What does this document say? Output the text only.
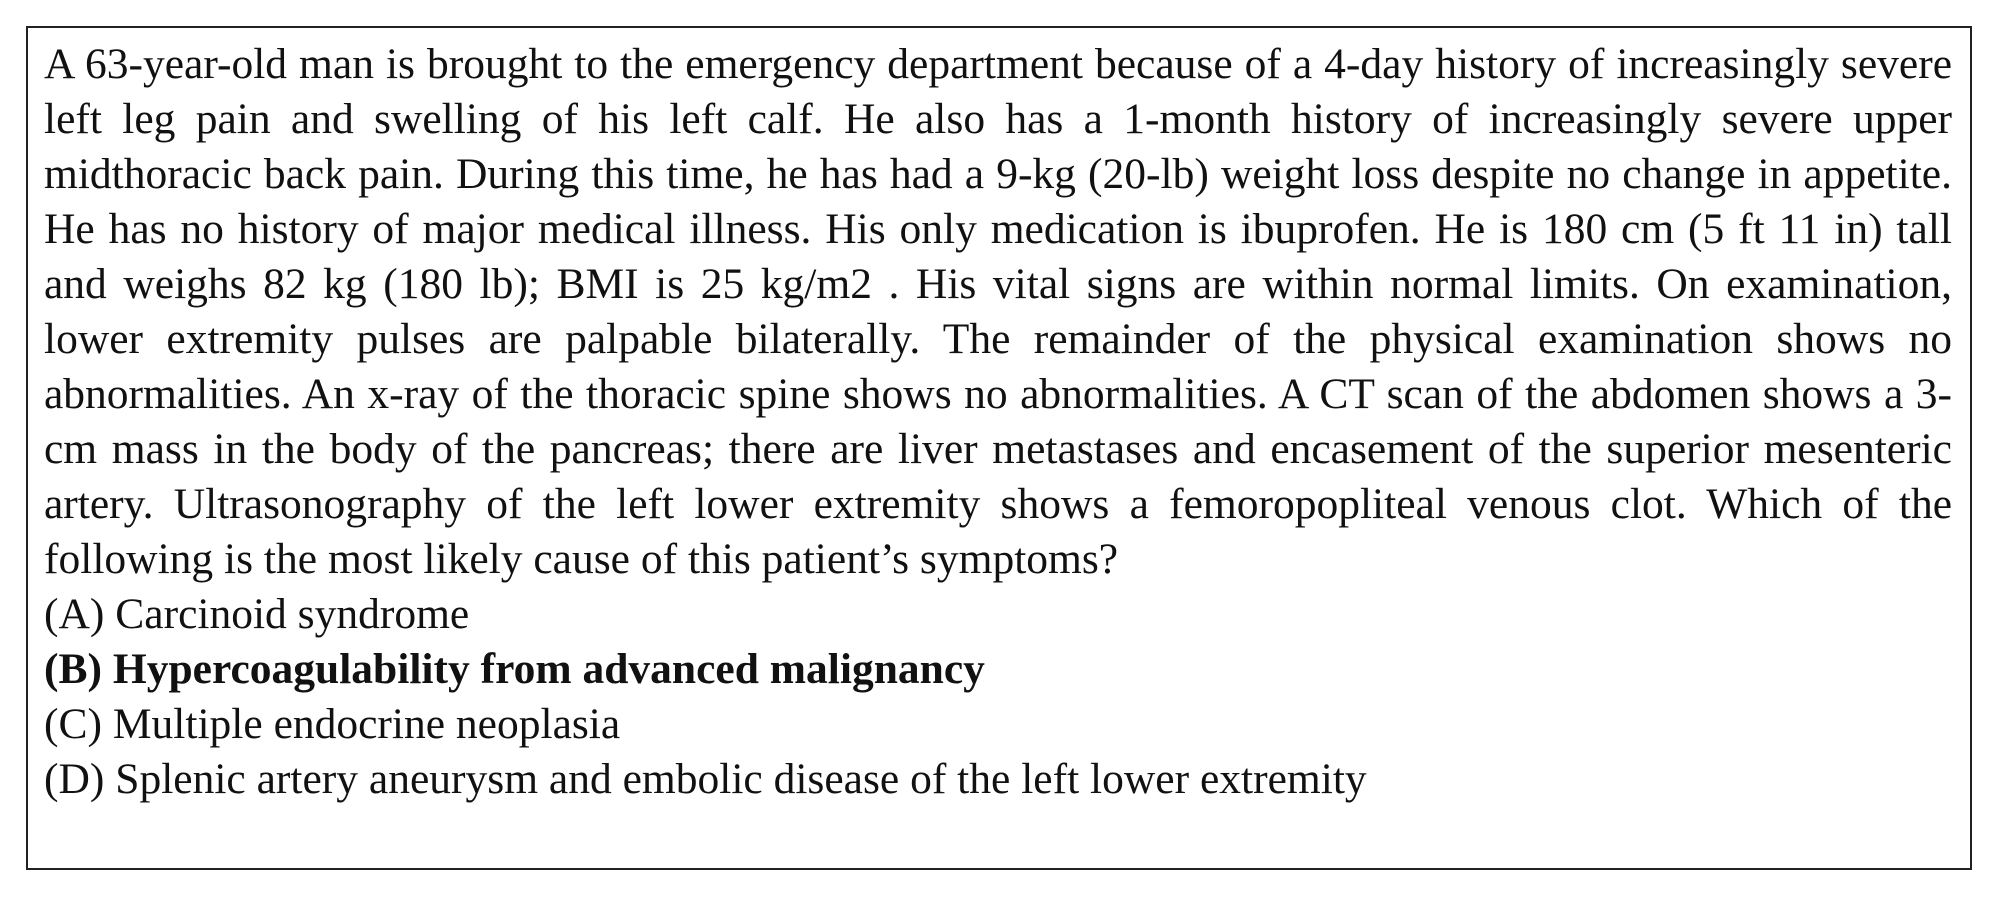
A 63-year-old man is brought to the emergency department because of a 4-day history of increasingly severe left leg pain and swelling of his left calf. He also has a 1-month history of increasingly severe upper midthoracic back pain. During this time, he has had a 9-kg (20-lb) weight loss despite no change in appetite. He has no history of major medical illness. His only medication is ibuprofen. He is 180 cm (5 ft 11 in) tall and weighs 82 kg (180 lb); BMI is 25 kg/m2 . His vital signs are within normal limits. On examination, lower extremity pulses are palpable bilaterally. The remainder of the physical examination shows no abnormalities. An x-ray of the thoracic spine shows no abnormalities. A CT scan of the abdomen shows a 3-cm mass in the body of the pancreas; there are liver metastases and encasement of the superior mesenteric artery. Ultrasonography of the left lower extremity shows a femoropopliteal venous clot. Which of the following is the most likely cause of this patient’s symptoms?

(A) Carcinoid syndrome
(B) Hypercoagulability from advanced malignancy
(C) Multiple endocrine neoplasia
(D) Splenic artery aneurysm and embolic disease of the left lower extremity
